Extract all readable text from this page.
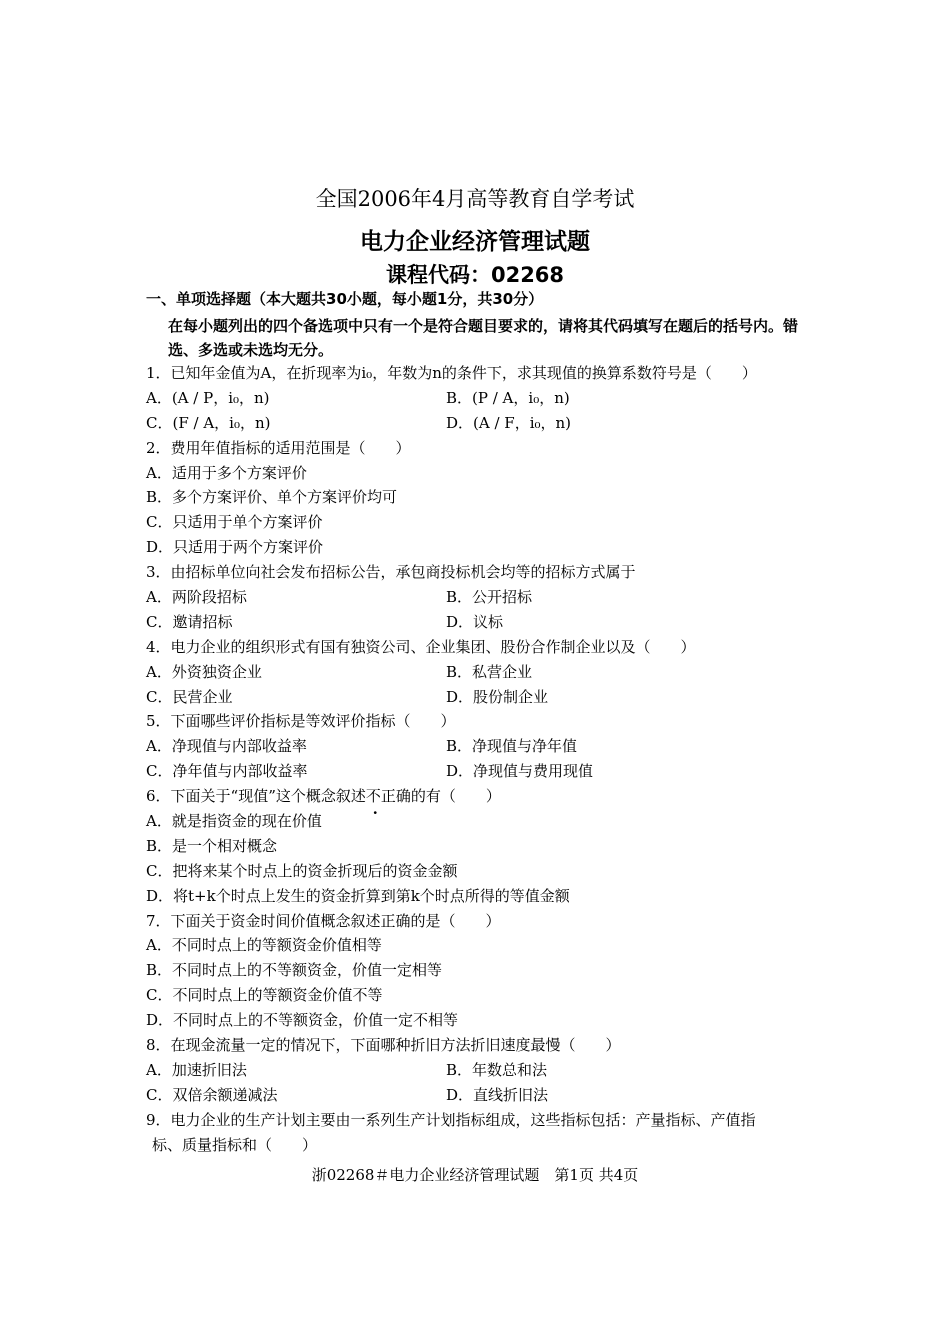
全国2006年4月高等教育自学考试
电力企业经济管理试题
课程代码：02268
一、单项选择题（本大题共30小题，每小题1分，共30分）
在每小题列出的四个备选项中只有一个是符合题目要求的，请将其代码填写在题后的括号内。错选、多选或未选均无分。
1．已知年金值为A，在折现率为i₀，年数为n的条件下，求其现值的换算系数符号是（　　）
A．(A / P，i₀，n)	B．(P / A，i₀，n)
C．(F / A，i₀，n)	D．(A / F，i₀，n)
2．费用年值指标的适用范围是（　　）
A．适用于多个方案评价
B．多个方案评价、单个方案评价均可
C．只适用于单个方案评价
D．只适用于两个方案评价
3．由招标单位向社会发布招标公告，承包商投标机会均等的招标方式属于
A．两阶段招标	B．公开招标
C．邀请招标	D．议标
4．电力企业的组织形式有国有独资公司、企业集团、股份合作制企业以及（　　）
A．外资独资企业	B．私营企业
C．民营企业	D．股份制企业
5．下面哪些评价指标是等效评价指标（　　）
A．净现值与内部收益率	B．净现值与净年值
C．净年值与内部收益率	D．净现值与费用现值
6．下面关于“现值”这个概念叙述不正确的有（　　）
A．就是指资金的现在价值
B．是一个相对概念
C．把将来某个时点上的资金折现后的资金金额
D．将t+k个时点上发生的资金折算到第k个时点所得的等值金额
7．下面关于资金时间价值概念叙述正确的是（　　）
A．不同时点上的等额资金价值相等
B．不同时点上的不等额资金，价值一定相等
C．不同时点上的等额资金价值不等
D．不同时点上的不等额资金，价值一定不相等
8．在现金流量一定的情况下，下面哪种折旧方法折旧速度最慢（　　）
A．加速折旧法	B．年数总和法
C．双倍余额递减法	D．直线折旧法
9．电力企业的生产计划主要由一系列生产计划指标组成，这些指标包括：产量指标、产值指
标、质量指标和（　　）
浙02268＃电力企业经济管理试题　第1页 共4页
